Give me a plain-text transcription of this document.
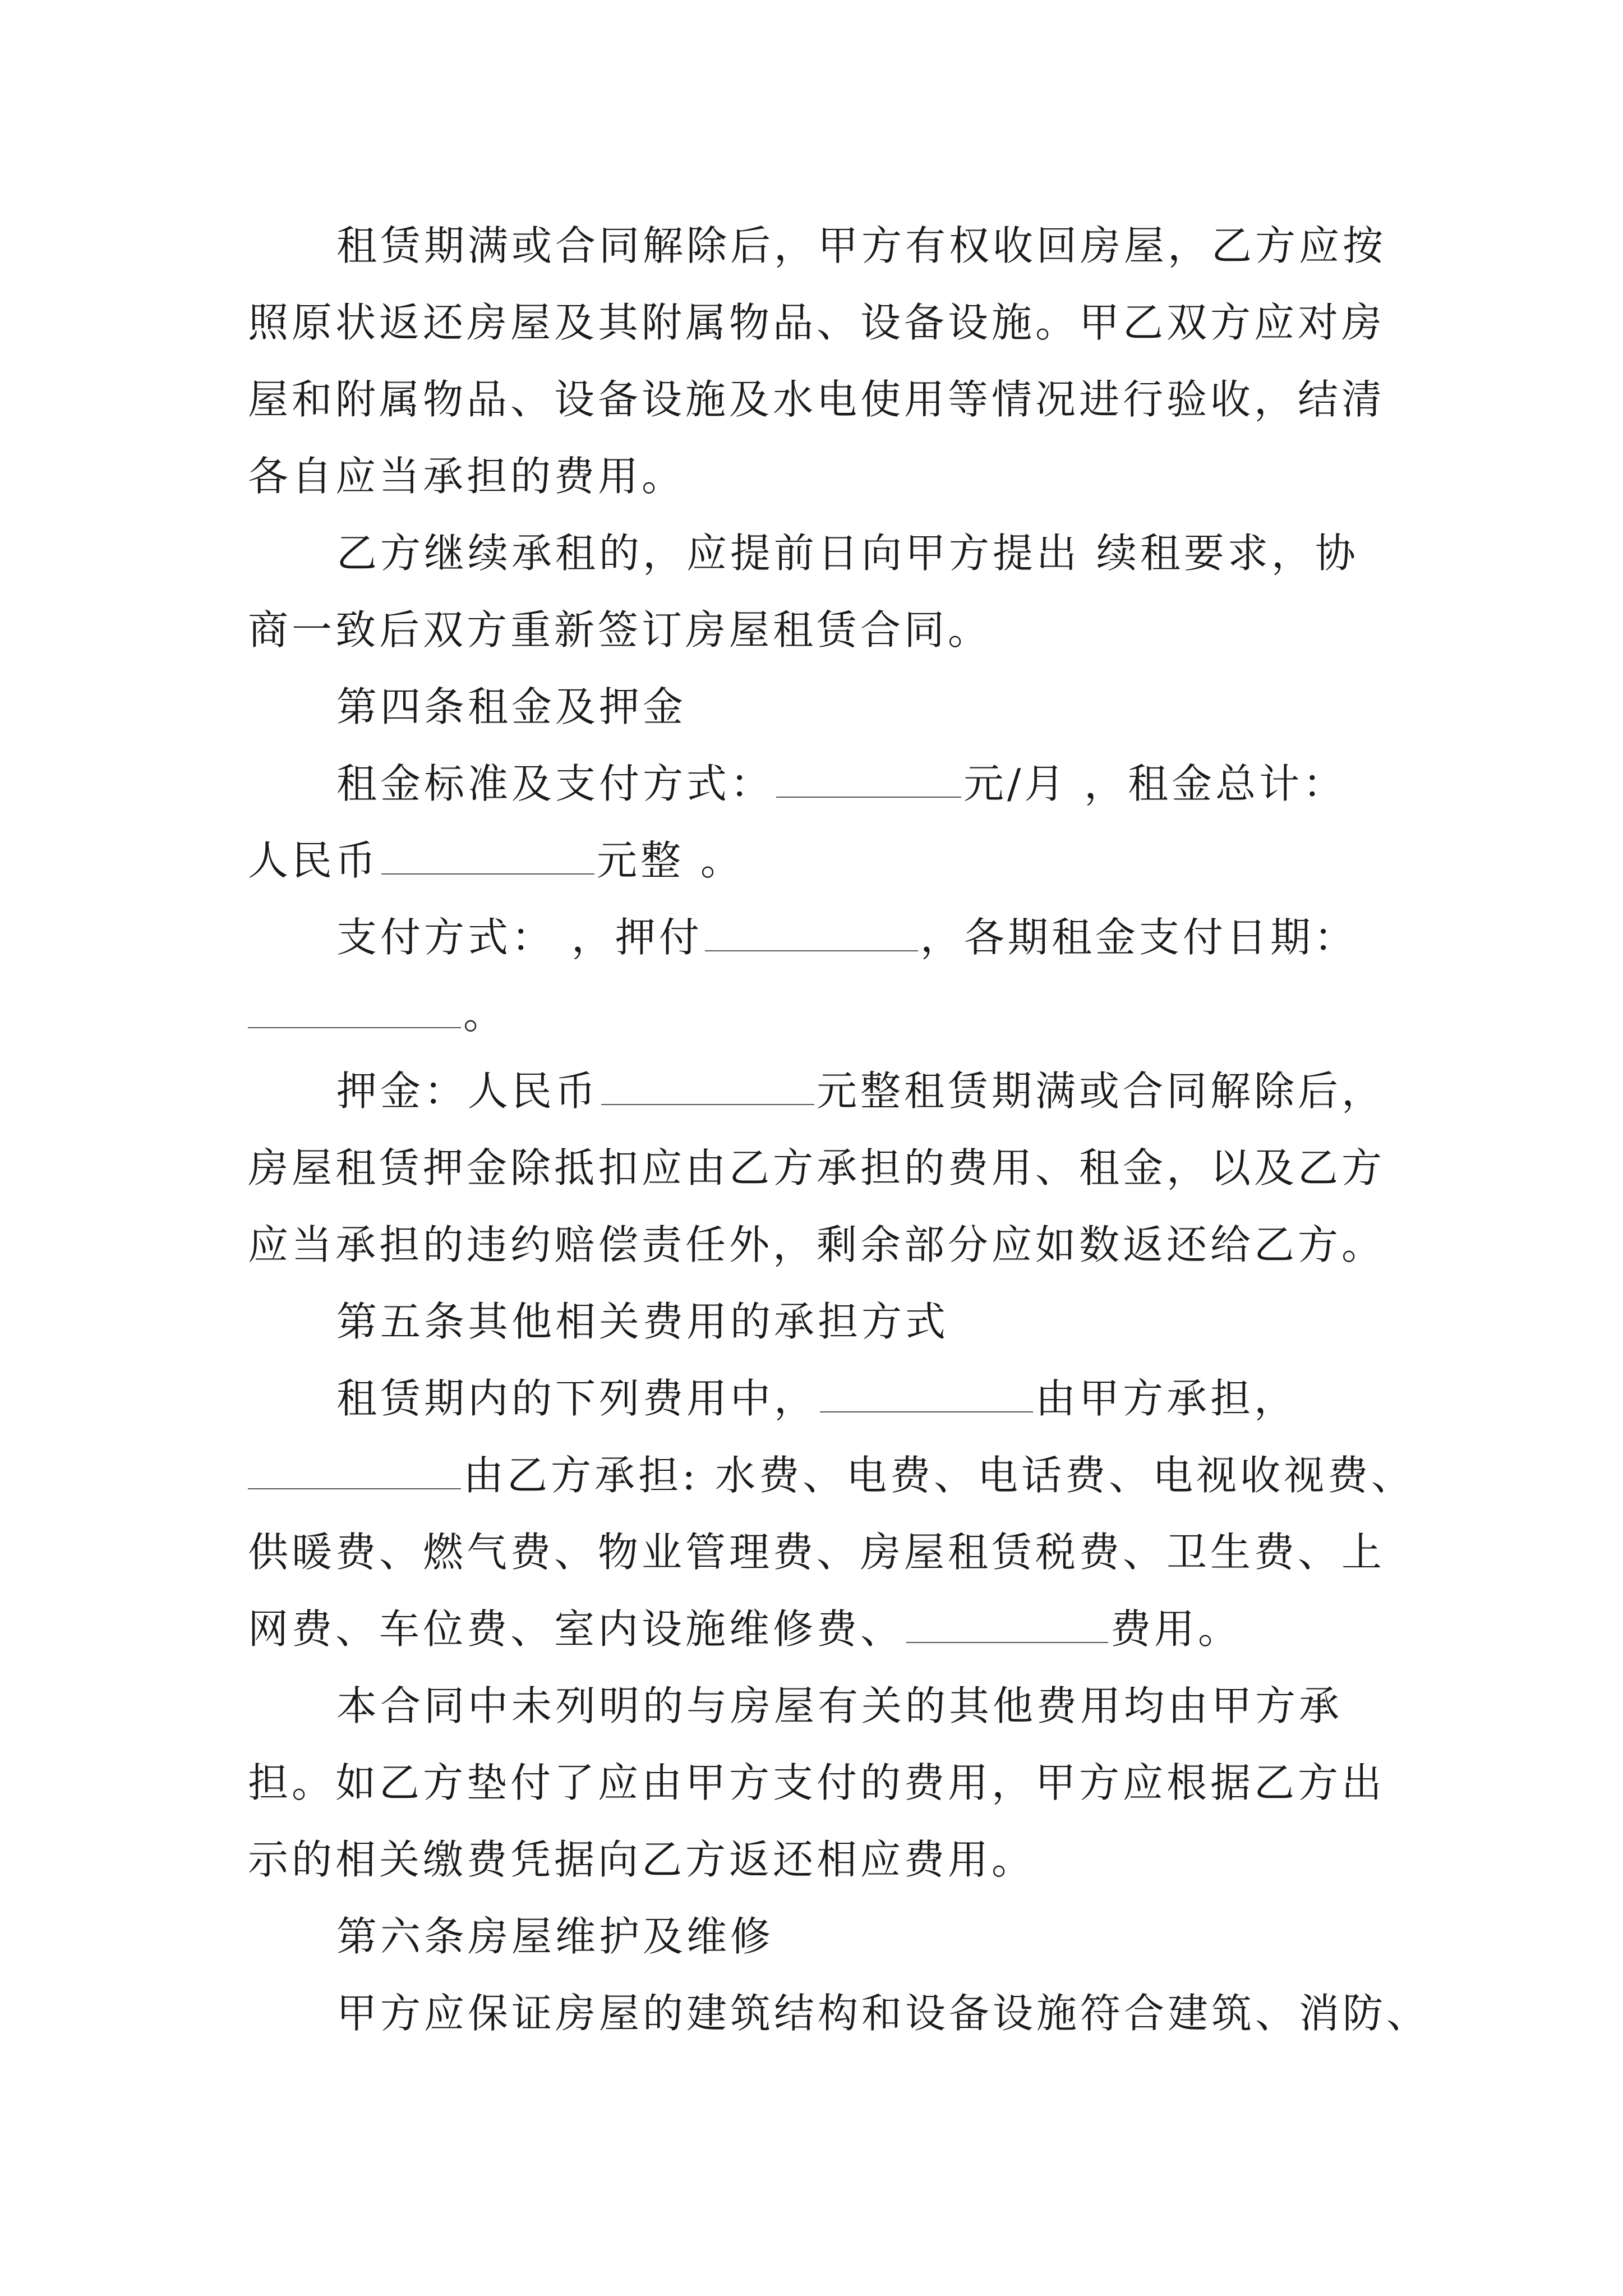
租赁期满或合同解除后，甲方有权收回房屋，乙方应按
照原状返还房屋及其附属物品、设备设施。甲乙双方应对房
屋和附属物品、设备设施及水电使用等情况进行验收，结清
各自应当承担的费用。
乙方继续承租的，应提前日向甲方提出 续租要求，协
商一致后双方重新签订房屋租赁合同。
第四条租金及押金
租金标准及支付方式：	元/月 ，租金总计：
人民币	元整 。
支付方式： ，押付	，各期租金支付日期：
。
押金：人民币	元整租赁期满或合同解除后，
房屋租赁押金除抵扣应由乙方承担的费用、租金，以及乙方
应当承担的违约赔偿责任外，剩余部分应如数返还给乙方。
第五条其他相关费用的承担方式
租赁期内的下列费用中，	由甲方承担，
由乙方承担: 水费、电费、电话费、电视收视费、
供暖费、燃气费、物业管理费、房屋租赁税费、卫生费、上
网费、车位费、室内设施维修费、	费用。
本合同中未列明的与房屋有关的其他费用均由甲方承
担。如乙方垫付了应由甲方支付的费用，甲方应根据乙方出
示的相关缴费凭据向乙方返还相应费用。
第六条房屋维护及维修
甲方应保证房屋的建筑结构和设备设施符合建筑、消防、
